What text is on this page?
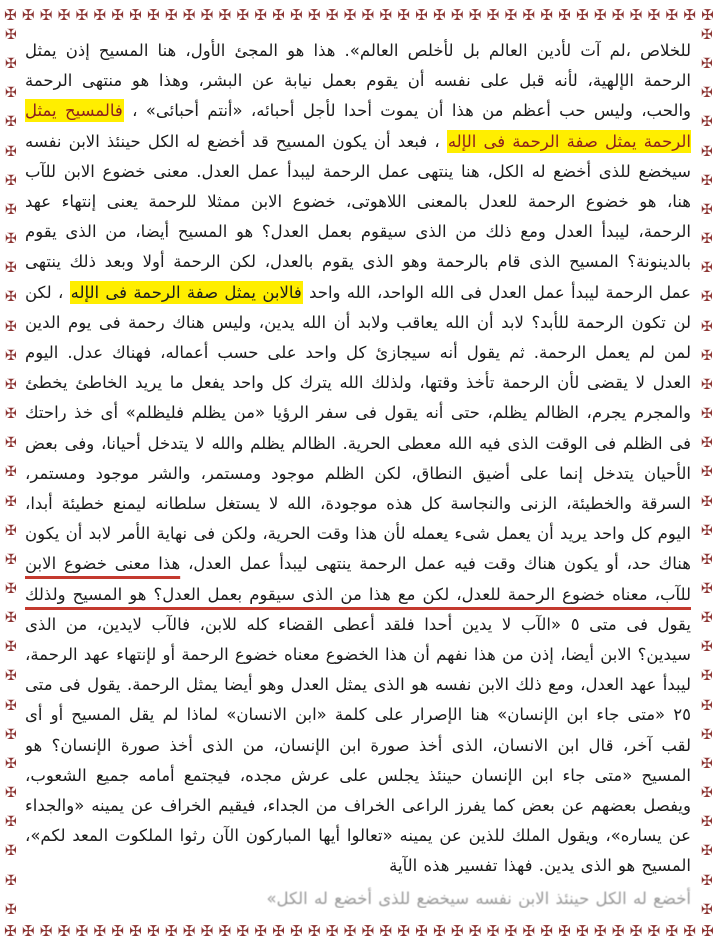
✠ ✠ ✠ ✠ ✠ ✠ ✠ ✠ ✠ ✠ ✠ ✠ ✠ ✠ ✠ ✠ ✠ ✠ ✠ ✠ ✠ ✠ ✠ ✠ ✠ ✠ ✠ ✠ ✠ ✠ ✠ ✠ ✠ ✠ ✠ ✠ ✠ ✠ ✠ ✠
✠
✠
✠
✠
✠
✠
✠
✠
✠
✠
✠
✠
✠
✠
✠
✠
✠
✠
✠
✠
✠
✠
✠
✠
✠
✠
✠
✠
✠
✠
✠
✠
✠
✠
✠
✠
✠
✠
✠
✠
✠
✠
✠
✠
✠
✠
✠
✠
✠
✠
✠
✠
✠
✠
✠
✠
✠
✠
✠
✠
✠
✠
✠ ✠ ✠ ✠ ✠ ✠ ✠ ✠ ✠ ✠ ✠ ✠ ✠ ✠ ✠ ✠ ✠ ✠ ✠ ✠ ✠ ✠ ✠ ✠ ✠ ✠ ✠ ✠ ✠ ✠ ✠ ✠ ✠ ✠ ✠ ✠ ✠ ✠ ✠ ✠
للخلاص ،لم آت لأدين العالم بل لأخلص العالم». هذا هو المجئ الأول، هنا المسيح إذن يمثل الرحمة الإلهية، لأنه قبل على نفسه أن يقوم بعمل نيابة عن البشر، وهذا هو منتهى الرحمة والحب، وليس حب أعظم من هذا أن يموت أحدا لأجل أحبائه، «أنتم أحبائى» ، فالمسيح يمثل الرحمة يمثل صفة الرحمة فى الإله ، فبعد أن يكون المسيح قد أخضع له الكل حينئذ الابن نفسه سيخضع للذى أخضع له الكل، هنا ينتهى عمل الرحمة ليبدأ عمل العدل. معنى خضوع الابن للآب هنا، هو خضوع الرحمة للعدل بالمعنى اللاهوتى، خضوع الابن ممثلا للرحمة يعنى إنتهاء عهد الرحمة، ليبدأ العدل ومع ذلك من الذى سيقوم بعمل العدل؟ هو المسيح أيضا، من الذى يقوم بالدينونة؟ المسيح الذى قام بالرحمة وهو الذى يقوم بالعدل، لكن الرحمة أولا وبعد ذلك ينتهى عمل الرحمة ليبدأ عمل العدل فى الله الواحد، الله واحد فالابن يمثل صفة الرحمة فى الإله ، لكن لن تكون الرحمة للأبد؟ لابد أن الله يعاقب ولابد أن الله يدين، وليس هناك رحمة فى يوم الدين لمن لم يعمل الرحمة. ثم يقول أنه سيجازئ كل واحد على حسب أعماله، فهناك عدل. اليوم العدل لا يقضى لأن الرحمة تأخذ وقتها، ولذلك الله يترك كل واحد يفعل ما يريد الخاطئ يخطئ والمجرم يجرم، الظالم يظلم، حتى أنه يقول فى سفر الرؤيا «من يظلم فليظلم» أى خذ راحتك فى الظلم فى الوقت الذى فيه الله معطى الحرية. الظالم يظلم والله لا يتدخل أحيانا، وفى بعض الأحيان يتدخل إنما على أضيق النطاق، لكن الظلم موجود ومستمر، والشر موجود ومستمر، السرقة والخطيئة، الزنى والنجاسة كل هذه موجودة، الله لا يستغل سلطانه ليمنع خطيئة أبدا، اليوم كل واحد يريد أن يعمل شىء يعمله لأن هذا وقت الحرية، ولكن فى نهاية الأمر لابد أن يكون هناك حد، أو يكون هناك وقت فيه عمل الرحمة ينتهى ليبدأ عمل العدل، هذا معنى خضوع الابن للآب، معناه خضوع الرحمة للعدل، لكن مع هذا من الذى سيقوم بعمل العدل؟ هو المسيح ولذلك يقول فى متى ٥ «الآب لا يدين أحدا فلقد أعطى القضاء كله للابن، فالآب لايدين، من الذى سيدين؟ الابن أيضا، إذن من هذا نفهم أن هذا الخضوع معناه خضوع الرحمة أو لإنتهاء عهد الرحمة، ليبدأ عهد العدل، ومع ذلك الابن نفسه هو الذى يمثل العدل وهو أيضا يمثل الرحمة. يقول فى متى ٢٥ «متى جاء ابن الإنسان» هنا الإصرار على كلمة «ابن الانسان» لماذا لم يقل المسيح أو أى لقب آخر، قال ابن الانسان، الذى أخذ صورة ابن الإنسان، من الذى أخذ صورة الإنسان؟ هو المسيح «متى جاء ابن الإنسان حينئذ يجلس على عرش مجده، فيجتمع أمامه جميع الشعوب، ويفصل بعضهم عن بعض كما يفرز الراعى الخراف من الجداء، فيقيم الخراف عن يمينه «والجداء عن يساره»، ويقول الملك للذين عن يمينه «تعالوا أيها المباركون الآن رثوا الملكوت المعد لكم»، المسيح هو الذى يدين. فهذا تفسير هذه الآية
أخضع له الكل حينئذ الابن نفسه سيخضع للذى أخضع له الكل»
